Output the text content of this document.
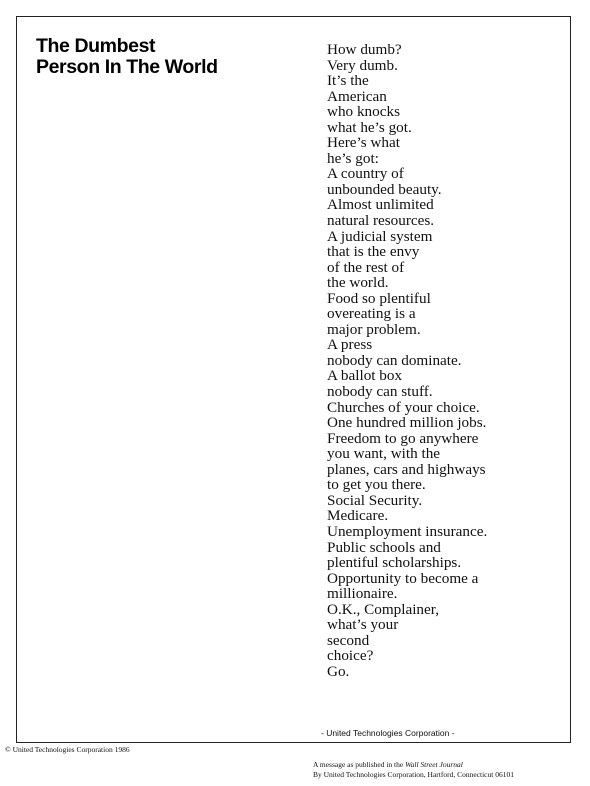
The Dumbest
Person In The World
How dumb?
Very dumb.
It’s the
American
who knocks
what he’s got.
Here’s what
he’s got:
A country of
unbounded beauty.
Almost unlimited
natural resources.
A judicial system
that is the envy
of the rest of
the world.
Food so plentiful
overeating is a
major problem.
A press
nobody can dominate.
A ballot box
nobody can stuff.
Churches of your choice.
One hundred million jobs.
Freedom to go anywhere
you want, with the
planes, cars and highways
to get you there.
Social Security.
Medicare.
Unemployment insurance.
Public schools and
plentiful scholarships.
Opportunity to become a
millionaire.
O.K., Complainer,
what’s your
second
choice?
Go.
- United Technologies Corporation -
© United Technologies Corporation 1986
A message as published in the Wall Street Journal
By United Technologies Corporation, Hartford, Connecticut 06101
